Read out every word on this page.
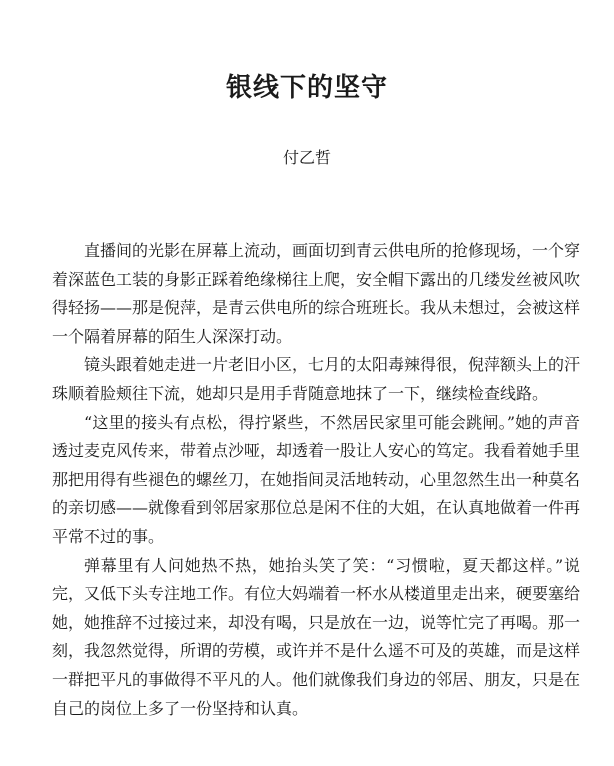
银线下的坚守
付乙哲

直播间的光影在屏幕上流动，画面切到青云供电所的抢修现场，一个穿着深蓝色工装的身影正踩着绝缘梯往上爬，安全帽下露出的几缕发丝被风吹得轻扬——那是倪萍，是青云供电所的综合班班长。我从未想过，会被这样一个隔着屏幕的陌生人深深打动。

镜头跟着她走进一片老旧小区，七月的太阳毒辣得很，倪萍额头上的汗珠顺着脸颊往下流，她却只是用手背随意地抹了一下，继续检查线路。

“这里的接头有点松，得拧紧些，不然居民家里可能会跳闸。”她的声音透过麦克风传来，带着点沙哑，却透着一股让人安心的笃定。我看着她手里那把用得有些褪色的螺丝刀，在她指间灵活地转动，心里忽然生出一种莫名的亲切感——就像看到邻居家那位总是闲不住的大姐，在认真地做着一件再平常不过的事。

弹幕里有人问她热不热，她抬头笑了笑：“习惯啦，夏天都这样。”说完，又低下头专注地工作。有位大妈端着一杯水从楼道里走出来，硬要塞给她，她推辞不过接过来，却没有喝，只是放在一边，说等忙完了再喝。那一刻，我忽然觉得，所谓的劳模，或许并不是什么遥不可及的英雄，而是这样一群把平凡的事做得不平凡的人。他们就像我们身边的邻居、朋友，只是在自己的岗位上多了一份坚持和认真。
